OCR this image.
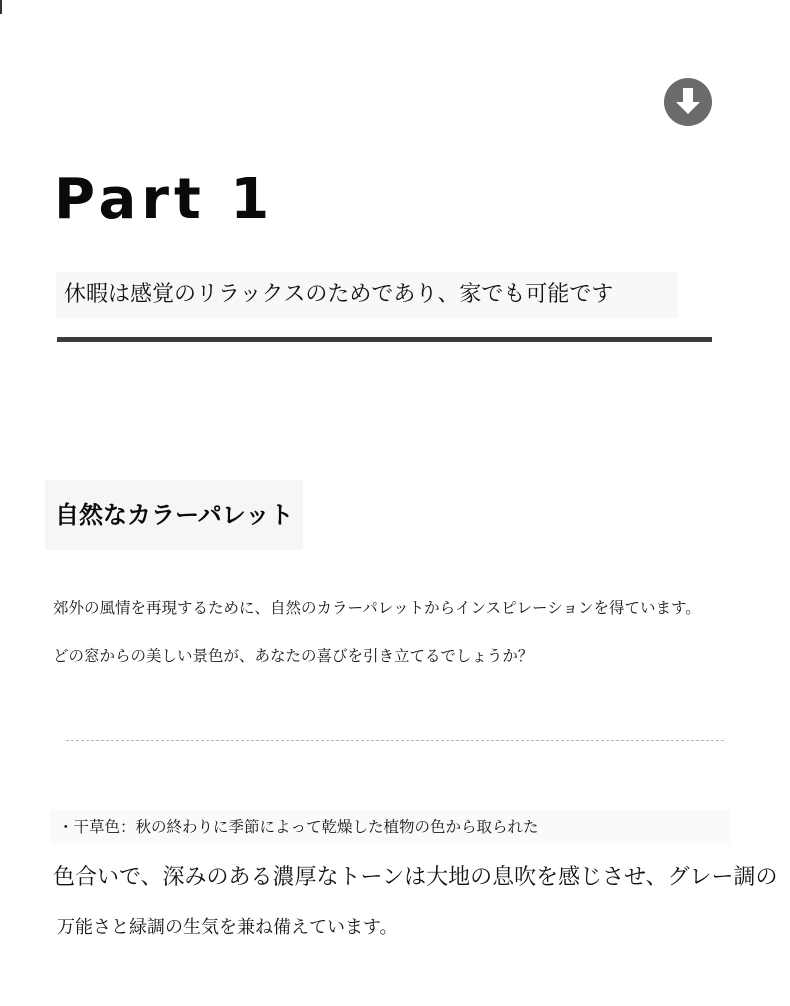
Part 1
休暇は感覚のリラックスのためであり、家でも可能です
自然なカラーパレット
郊外の風情を再現するために、自然のカラーパレットからインスピレーションを得ています。
どの窓からの美しい景色が、あなたの喜びを引き立てるでしょうか？
・干草色：秋の終わりに季節によって乾燥した植物の色から取られた
色合いで、深みのある濃厚なトーンは大地の息吹を感じさせ、グレー調の
万能さと緑調の生気を兼ね備えています。
